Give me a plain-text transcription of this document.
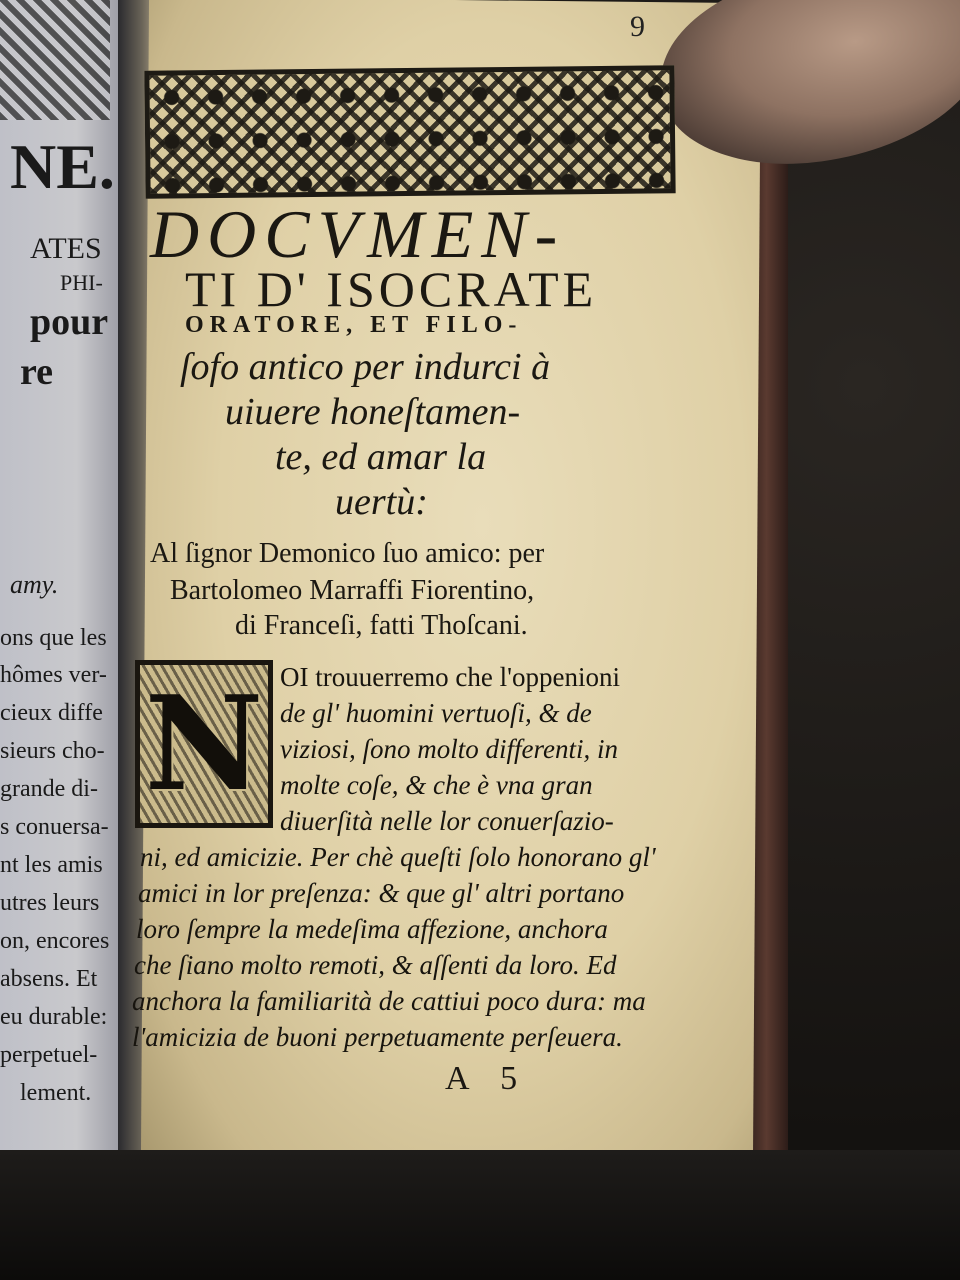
NE.
ATES
PHI-
pour
re
amy.
ons que les
hômes ver-
cieux diffe
sieurs cho-
grande di-
s conuersa-
nt les amis
utres leurs
on, encores
absens. Et
eu durable:
perpetuel-
lement.
9
DOCVMEN-
TI D' ISOCRATE
ORATORE, ET FILO-
ſofo antico per indurci à
uiuere honeſtamen-
te, ed amar la
uertù:
Al ſignor Demonico ſuo amico: per
Bartolomeo Marraffi Fiorentino,
di Franceſi, fatti Thoſcani.
N OI trouuerremo che l'oppenioni
de gl' huomini vertuoſi, & de
viziosi, ſono molto differenti, in
molte coſe, & che è vna gran
diuerſità nelle lor conuerſazio-
ni, ed amicizie. Per chè queſti ſolo honorano gl'
amici in lor preſenza: & que gl' altri portano
loro ſempre la medeſima affezione, anchora
che ſiano molto remoti, & aſſenti da loro. Ed
anchora la familiarità de cattiui poco dura: ma
l'amicizia de buoni perpetuamente perſeuera.
A 5
